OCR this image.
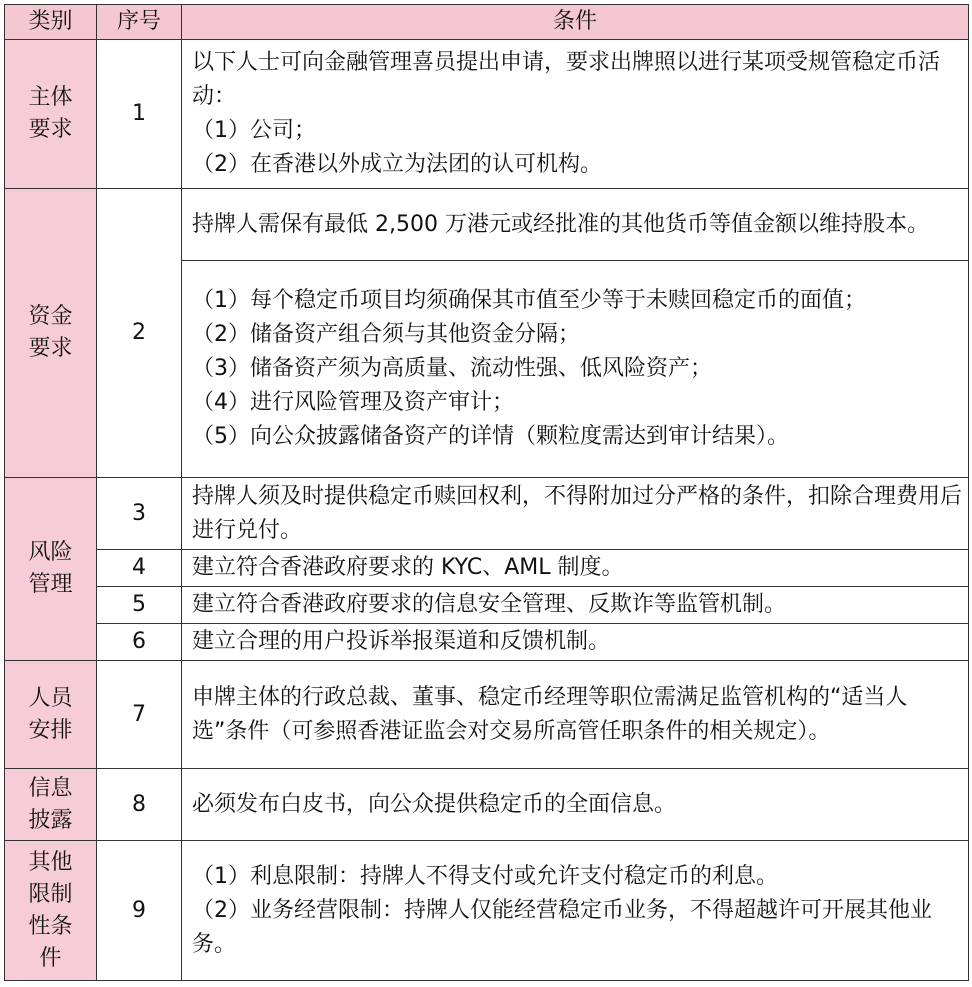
类别	序号	条件

主体
要求	1	以下人士可向金融管理喜员提出申请，要求出牌照以进行某项受规管稳定币活动：
（1）公司；
（2）在香港以外成立为法团的认可机构。

资金
要求	2	持牌人需保有最低 2,500 万港元或经批准的其他货币等值金额以维持股本。

		（1）每个稳定币项目均须确保其市值至少等于未赎回稳定币的面值；
（2）储备资产组合须与其他资金分隔；
（3）储备资产须为高质量、流动性强、低风险资产；
（4）进行风险管理及资产审计；
（5）向公众披露储备资产的详情（颗粒度需达到审计结果）。

风险
管理	3	持牌人须及时提供稳定币赎回权利，不得附加过分严格的条件，扣除合理费用后进行兑付。

	4	建立符合香港政府要求的 KYC、AML 制度。

	5	建立符合香港政府要求的信息安全管理、反欺诈等监管机制。

	6	建立合理的用户投诉举报渠道和反馈机制。

人员
安排	7	申牌主体的行政总裁、董事、稳定币经理等职位需满足监管机构的“适当人选”条件（可参照香港证监会对交易所高管任职条件的相关规定）。

信息
披露	8	必须发布白皮书，向公众提供稳定币的全面信息。

其他
限制
性条
件	9	（1）利息限制：持牌人不得支付或允许支付稳定币的利息。
（2）业务经营限制：持牌人仅能经营稳定币业务，不得超越许可开展其他业务。
